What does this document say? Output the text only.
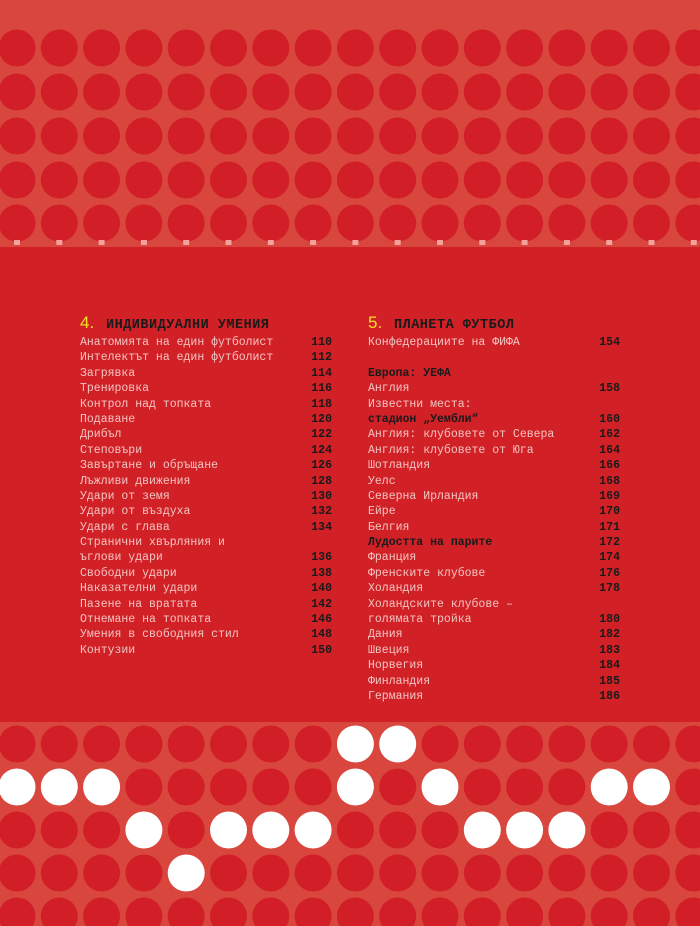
4. ИНДИВИДУАЛНИ УМЕНИЯ
Анатомията на един футболист	110
Интелектът на един футболист	112
Загрявка	114
Тренировка	116
Контрол над топката	118
Подаване	120
Дрибъл	122
Степовъри	124
Завъртане и обръщане	126
Лъжливи движения	128
Удари от земя	130
Удари от въздуха	132
Удари с глава	134
Странични хвърляния и
ъглови удари	136
Свободни удари	138
Наказателни удари	140
Пазене на вратата	142
Отнемане на топката	146
Умения в свободния стил	148
Контузии	150
5. ПЛАНЕТА ФУТБОЛ
Конфедерациите на ФИФА	154
Европа: УЕФА
Англия	158
Известни места:
стадион „Уембли“	160
Англия: клубовете от Севера	162
Англия: клубовете от Юга	164
Шотландия	166
Уелс	168
Северна Ирландия	169
Ейре	170
Белгия	171
Лудостта на парите	172
Франция	174
Френските клубове	176
Холандия	178
Холандските клубове –
голямата тройка	180
Дания	182
Швеция	183
Норвегия	184
Финландия	185
Германия	186
